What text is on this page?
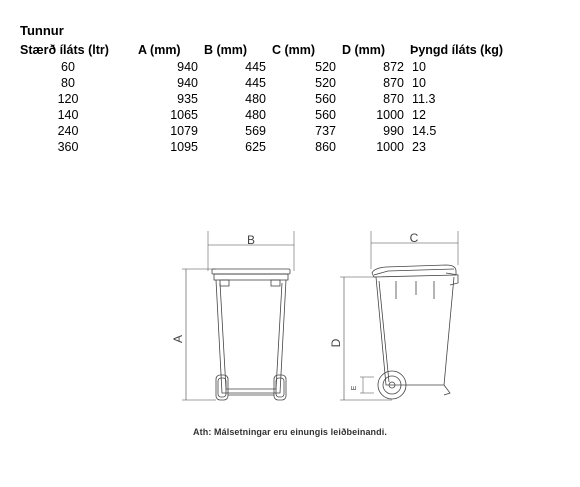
Tunnur
Stærð íláts (ltr)	A (mm)	B (mm)	C (mm)	D (mm)	Þyngd íláts (kg)
60	940	445	520	872	10
80	940	445	520	870	10
120	935	480	560	870	11.3
140	1065	480	560	1000	12
240	1079	569	737	990	14.5
360	1095	625	860	1000	23
B
A
C
D
E
Ath: Málsetningar eru einungis leiðbeinandi.
